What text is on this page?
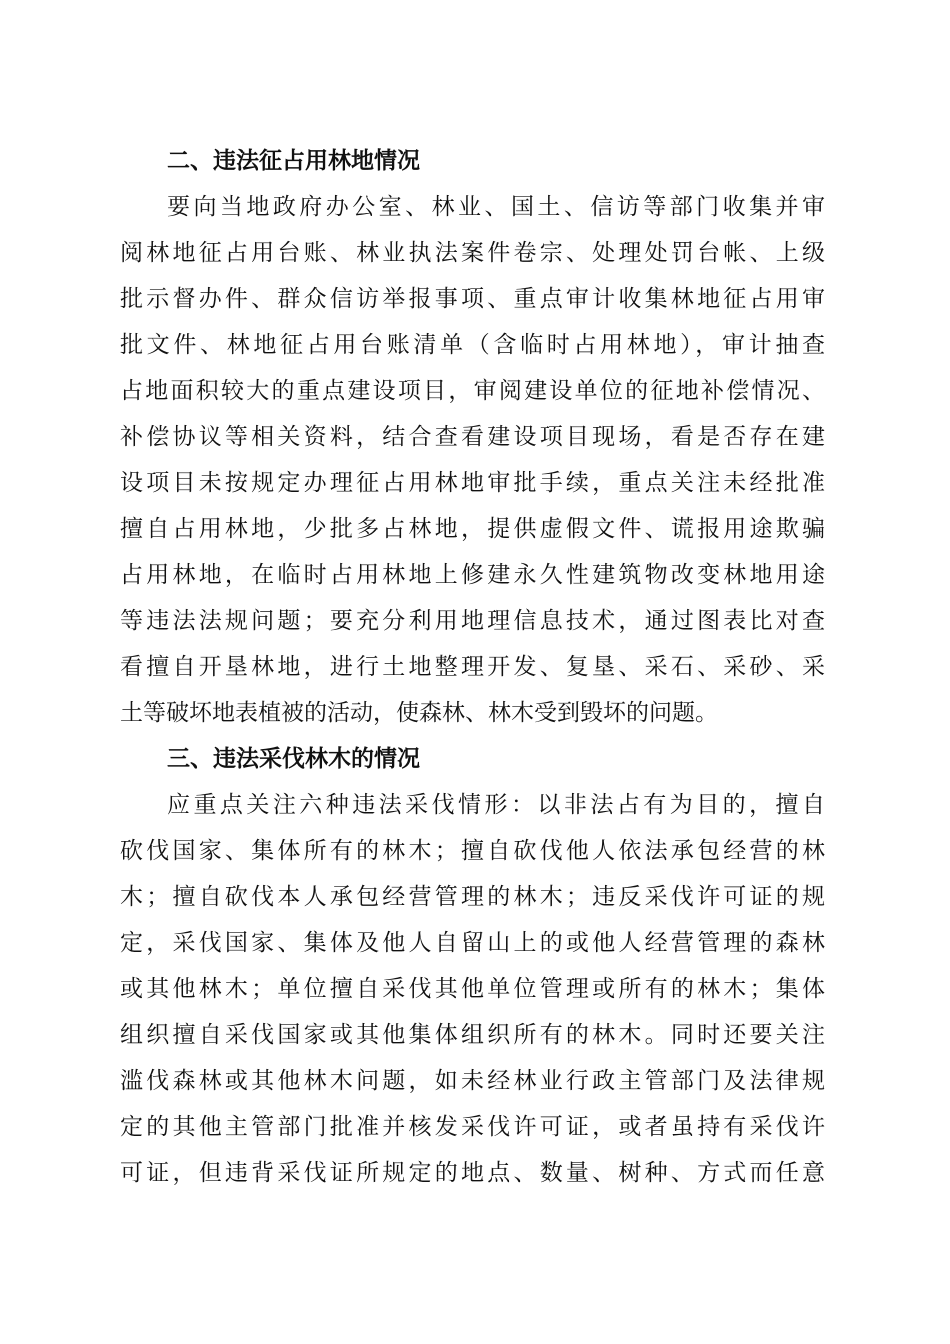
二、违法征占用林地情况
要向当地政府办公室、林业、国土、信访等部门收集并审
阅林地征占用台账、林业执法案件卷宗、处理处罚台帐、上级
批示督办件、群众信访举报事项、重点审计收集林地征占用审
批文件、林地征占用台账清单（含临时占用林地），审计抽查
占地面积较大的重点建设项目，审阅建设单位的征地补偿情况、
补偿协议等相关资料，结合查看建设项目现场，看是否存在建
设项目未按规定办理征占用林地审批手续，重点关注未经批准
擅自占用林地，少批多占林地，提供虚假文件、谎报用途欺骗
占用林地，在临时占用林地上修建永久性建筑物改变林地用途
等违法法规问题；要充分利用地理信息技术，通过图表比对查
看擅自开垦林地，进行土地整理开发、复垦、采石、采砂、采
土等破坏地表植被的活动，使森林、林木受到毁坏的问题。
三、违法采伐林木的情况
应重点关注六种违法采伐情形：以非法占有为目的，擅自
砍伐国家、集体所有的林木；擅自砍伐他人依法承包经营的林
木；擅自砍伐本人承包经营管理的林木；违反采伐许可证的规
定，采伐国家、集体及他人自留山上的或他人经营管理的森林
或其他林木；单位擅自采伐其他单位管理或所有的林木；集体
组织擅自采伐国家或其他集体组织所有的林木。同时还要关注
滥伐森林或其他林木问题，如未经林业行政主管部门及法律规
定的其他主管部门批准并核发采伐许可证，或者虽持有采伐许
可证，但违背采伐证所规定的地点、数量、树种、方式而任意
